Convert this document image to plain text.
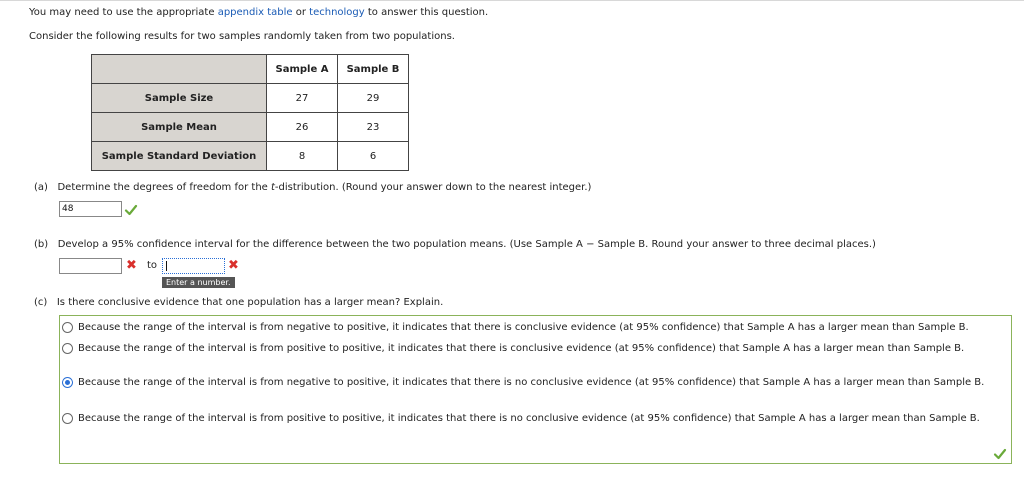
You may need to use the appropriate appendix table or technology to answer this question.
Consider the following results for two samples randomly taken from two populations.
	Sample A	Sample B
Sample Size	27	29
Sample Mean	26	23
Sample Standard Deviation	8	6
(a) Determine the degrees of freedom for the t-distribution. (Round your answer down to the nearest integer.)
48
(b) Develop a 95% confidence interval for the difference between the two population means. (Use Sample A − Sample B. Round your answer to three decimal places.)
✖ to	✖
Enter a number.
(c) Is there conclusive evidence that one population has a larger mean? Explain.
Because the range of the interval is from negative to positive, it indicates that there is conclusive evidence (at 95% confidence) that Sample A has a larger mean than Sample B.
Because the range of the interval is from positive to positive, it indicates that there is conclusive evidence (at 95% confidence) that Sample A has a larger mean than Sample B.
Because the range of the interval is from negative to positive, it indicates that there is no conclusive evidence (at 95% confidence) that Sample A has a larger mean than Sample B.
Because the range of the interval is from positive to positive, it indicates that there is no conclusive evidence (at 95% confidence) that Sample A has a larger mean than Sample B.
